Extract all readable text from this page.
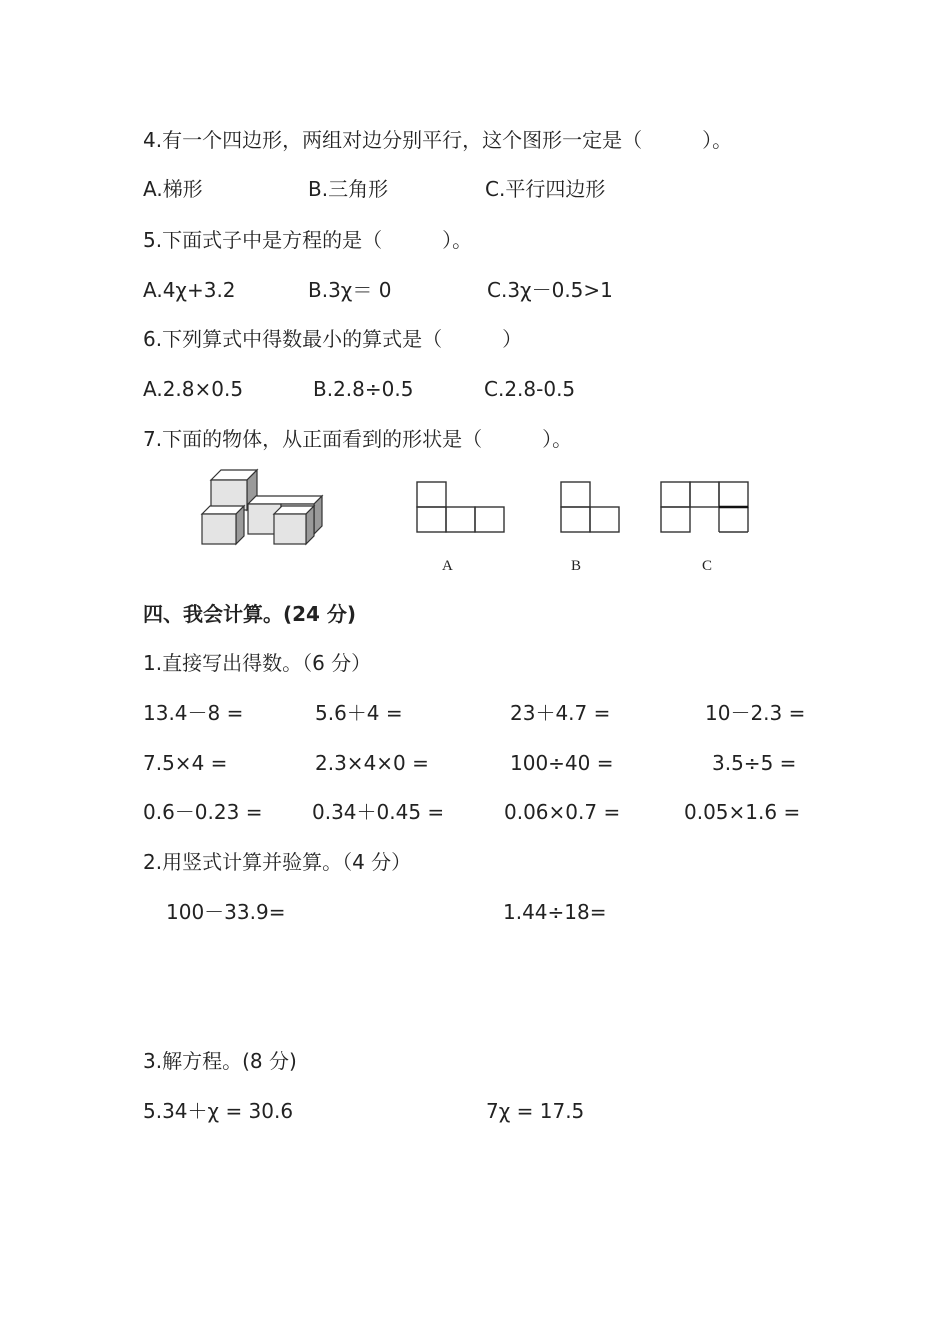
4.有一个四边形，两组对边分别平行，这个图形一定是（　　　）。
A.梯形	B.三角形	C.平行四边形
5.下面式子中是方程的是（　　　）。
A.4χ+3.2	B.3χ＝ 0	C.3χ－0.5>1
6.下列算式中得数最小的算式是（　　　）
A.2.8×0.5	B.2.8÷0.5	C.2.8-0.5
7.下面的物体，从正面看到的形状是（　　　）。
A	B	C
四、我会计算。(24 分)
1.直接写出得数。（6 分）
13.4－8 =	5.6＋4 =	23＋4.7 =	10－2.3 =
7.5×4 =	2.3×4×0 =	100÷40 =	3.5÷5 =
0.6－0.23 = 0.34＋0.45 =	0.06×0.7 =	0.05×1.6 =
2.用竖式计算并验算。（4 分）
100－33.9=	1.44÷18=
3.解方程。(8 分)
5.34＋χ = 30.6	7χ = 17.5
